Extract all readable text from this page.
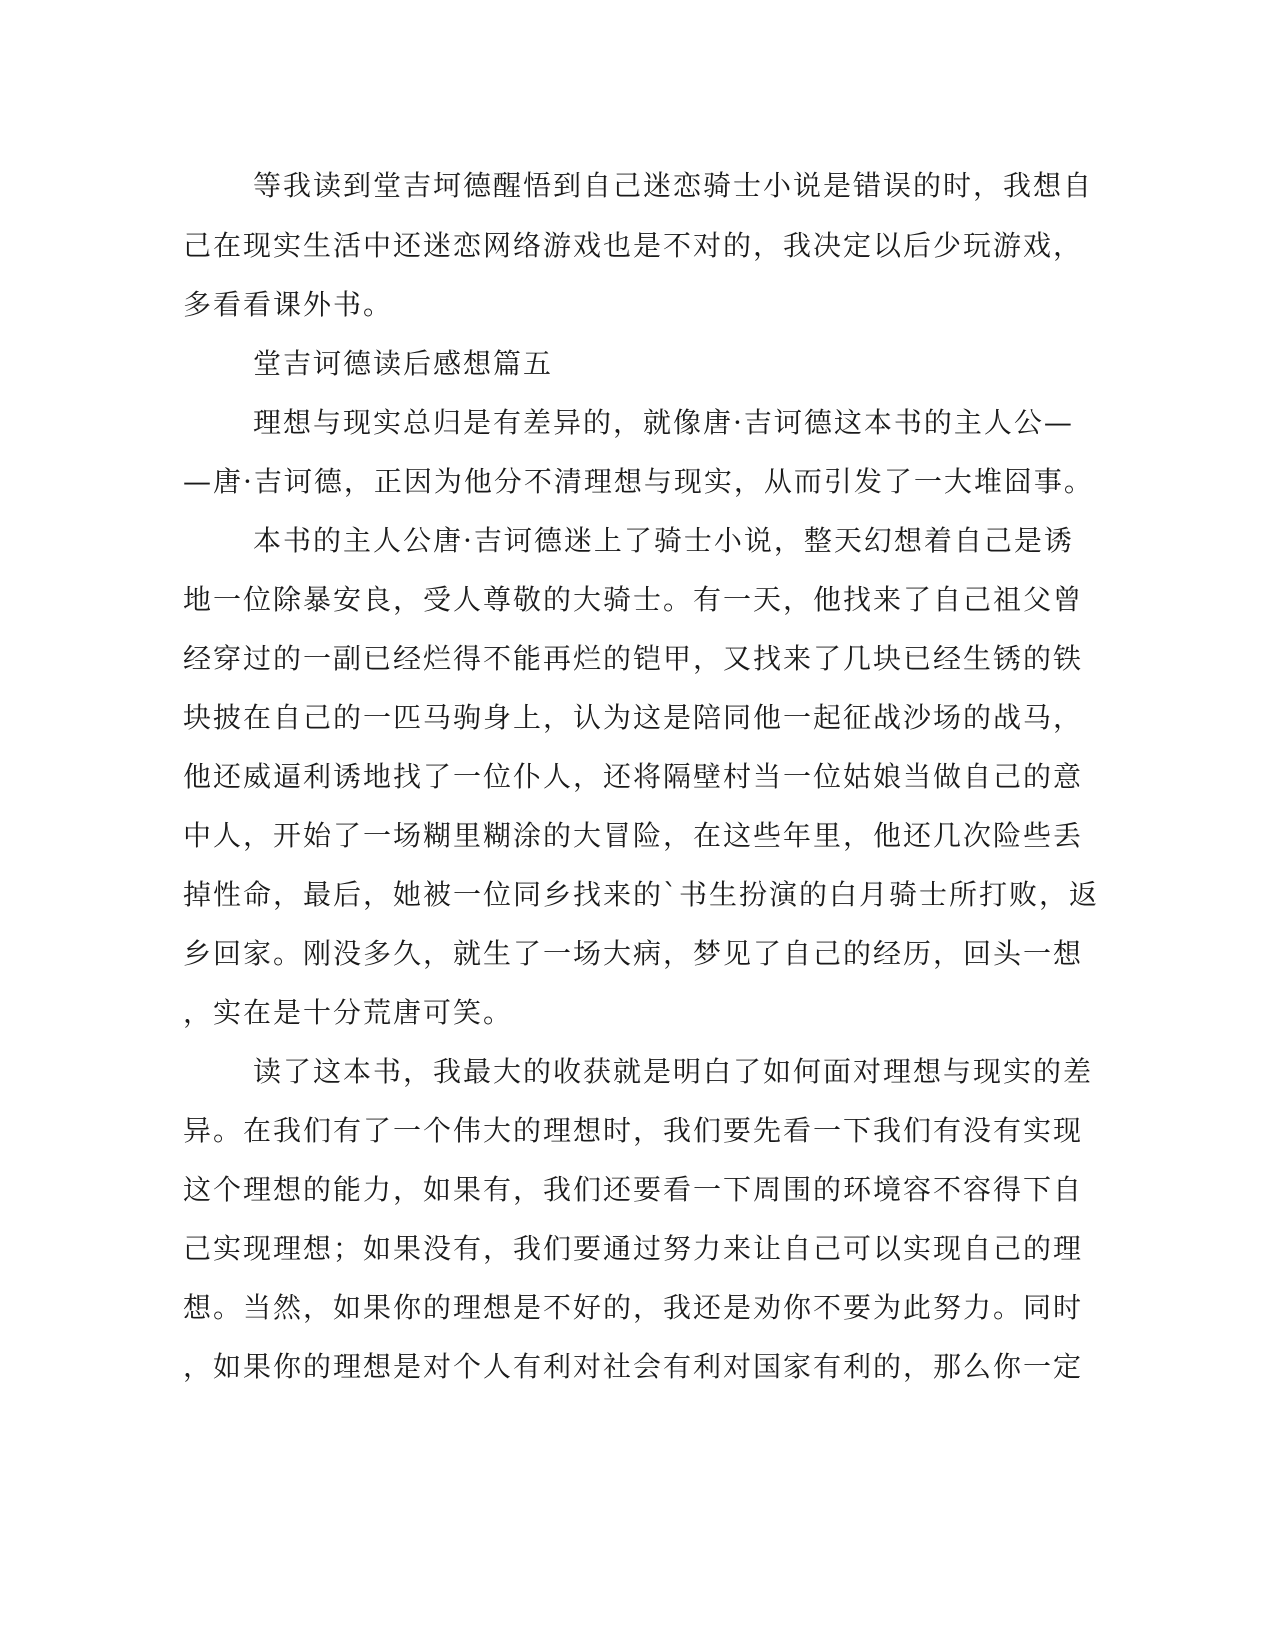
等我读到堂吉坷德醒悟到自己迷恋骑士小说是错误的时，我想自
己在现实生活中还迷恋网络游戏也是不对的，我决定以后少玩游戏，
多看看课外书。
堂吉诃德读后感想篇五
理想与现实总归是有差异的，就像唐·吉诃德这本书的主人公—
—唐·吉诃德，正因为他分不清理想与现实，从而引发了一大堆囧事。
本书的主人公唐·吉诃德迷上了骑士小说，整天幻想着自己是诱
地一位除暴安良，受人尊敬的大骑士。有一天，他找来了自己祖父曾
经穿过的一副已经烂得不能再烂的铠甲，又找来了几块已经生锈的铁
块披在自己的一匹马驹身上，认为这是陪同他一起征战沙场的战马，
他还威逼利诱地找了一位仆人，还将隔壁村当一位姑娘当做自己的意
中人，开始了一场糊里糊涂的大冒险，在这些年里，他还几次险些丢
掉性命，最后，她被一位同乡找来的`书生扮演的白月骑士所打败，返
乡回家。刚没多久，就生了一场大病，梦见了自己的经历，回头一想
，实在是十分荒唐可笑。
读了这本书，我最大的收获就是明白了如何面对理想与现实的差
异。在我们有了一个伟大的理想时，我们要先看一下我们有没有实现
这个理想的能力，如果有，我们还要看一下周围的环境容不容得下自
己实现理想；如果没有，我们要通过努力来让自己可以实现自己的理
想。当然，如果你的理想是不好的，我还是劝你不要为此努力。同时
，如果你的理想是对个人有利对社会有利对国家有利的，那么你一定
